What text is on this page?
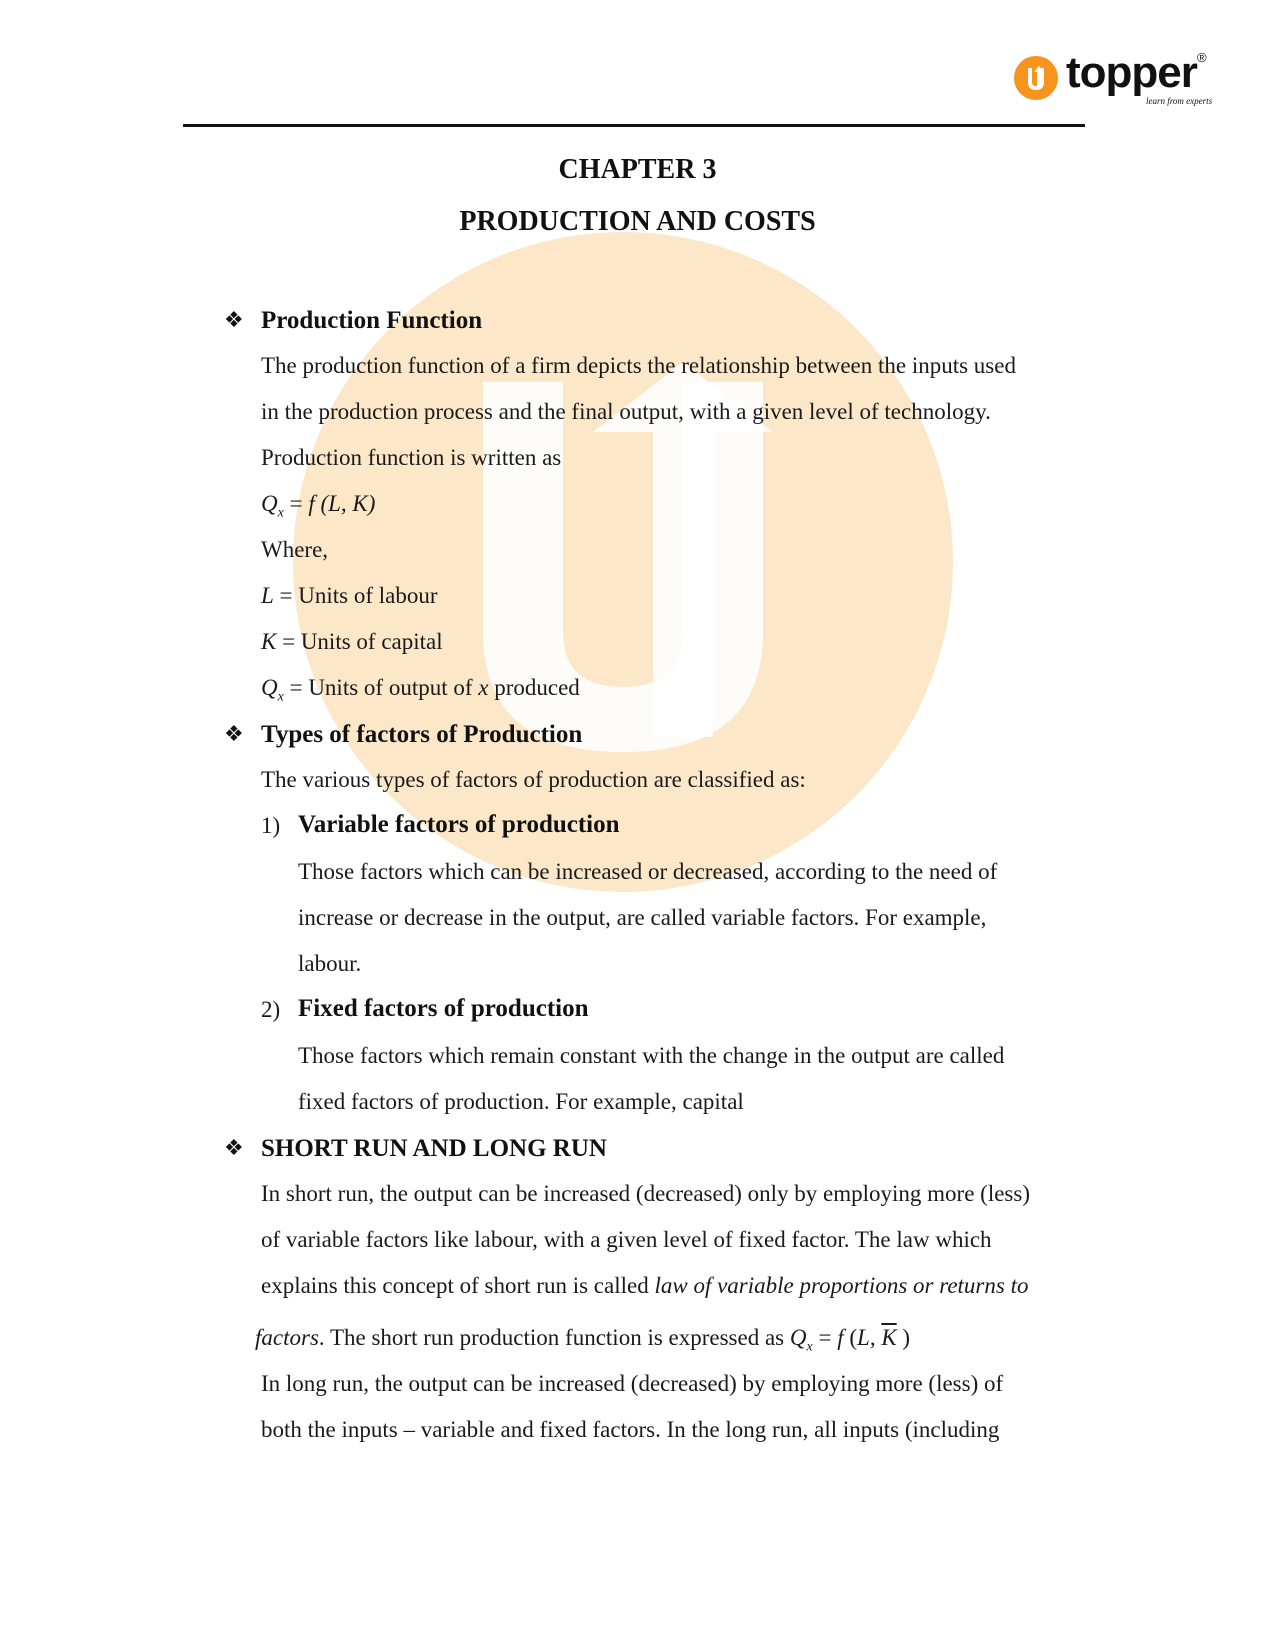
topper ®
learn from experts
CHAPTER 3
PRODUCTION AND COSTS
❖ Production Function
The production function of a firm depicts the relationship between the inputs used
in the production process and the final output, with a given level of technology.
Production function is written as
$Q_x = f$ (L, K)
Where,
L = Units of labour
K = Units of capital
$Q_x$ = Units of output of x produced
❖ Types of factors of Production
The various types of factors of production are classified as:
1) Variable factors of production
Those factors which can be increased or decreased, according to the need of
increase or decrease in the output, are called variable factors. For example,
labour.
2) Fixed factors of production
Those factors which remain constant with the change in the output are called
fixed factors of production. For example, capital
❖ SHORT RUN AND LONG RUN
In short run, the output can be increased (decreased) only by employing more (less)
of variable factors like labour, with a given level of fixed factor. The law which
explains this concept of short run is called law of variable proportions or returns to
factors. The short run production function is expressed as $Q_x = f$ (L, $\overline{K}$ )
In long run, the output can be increased (decreased) by employing more (less) of
both the inputs – variable and fixed factors. In the long run, all inputs (including
